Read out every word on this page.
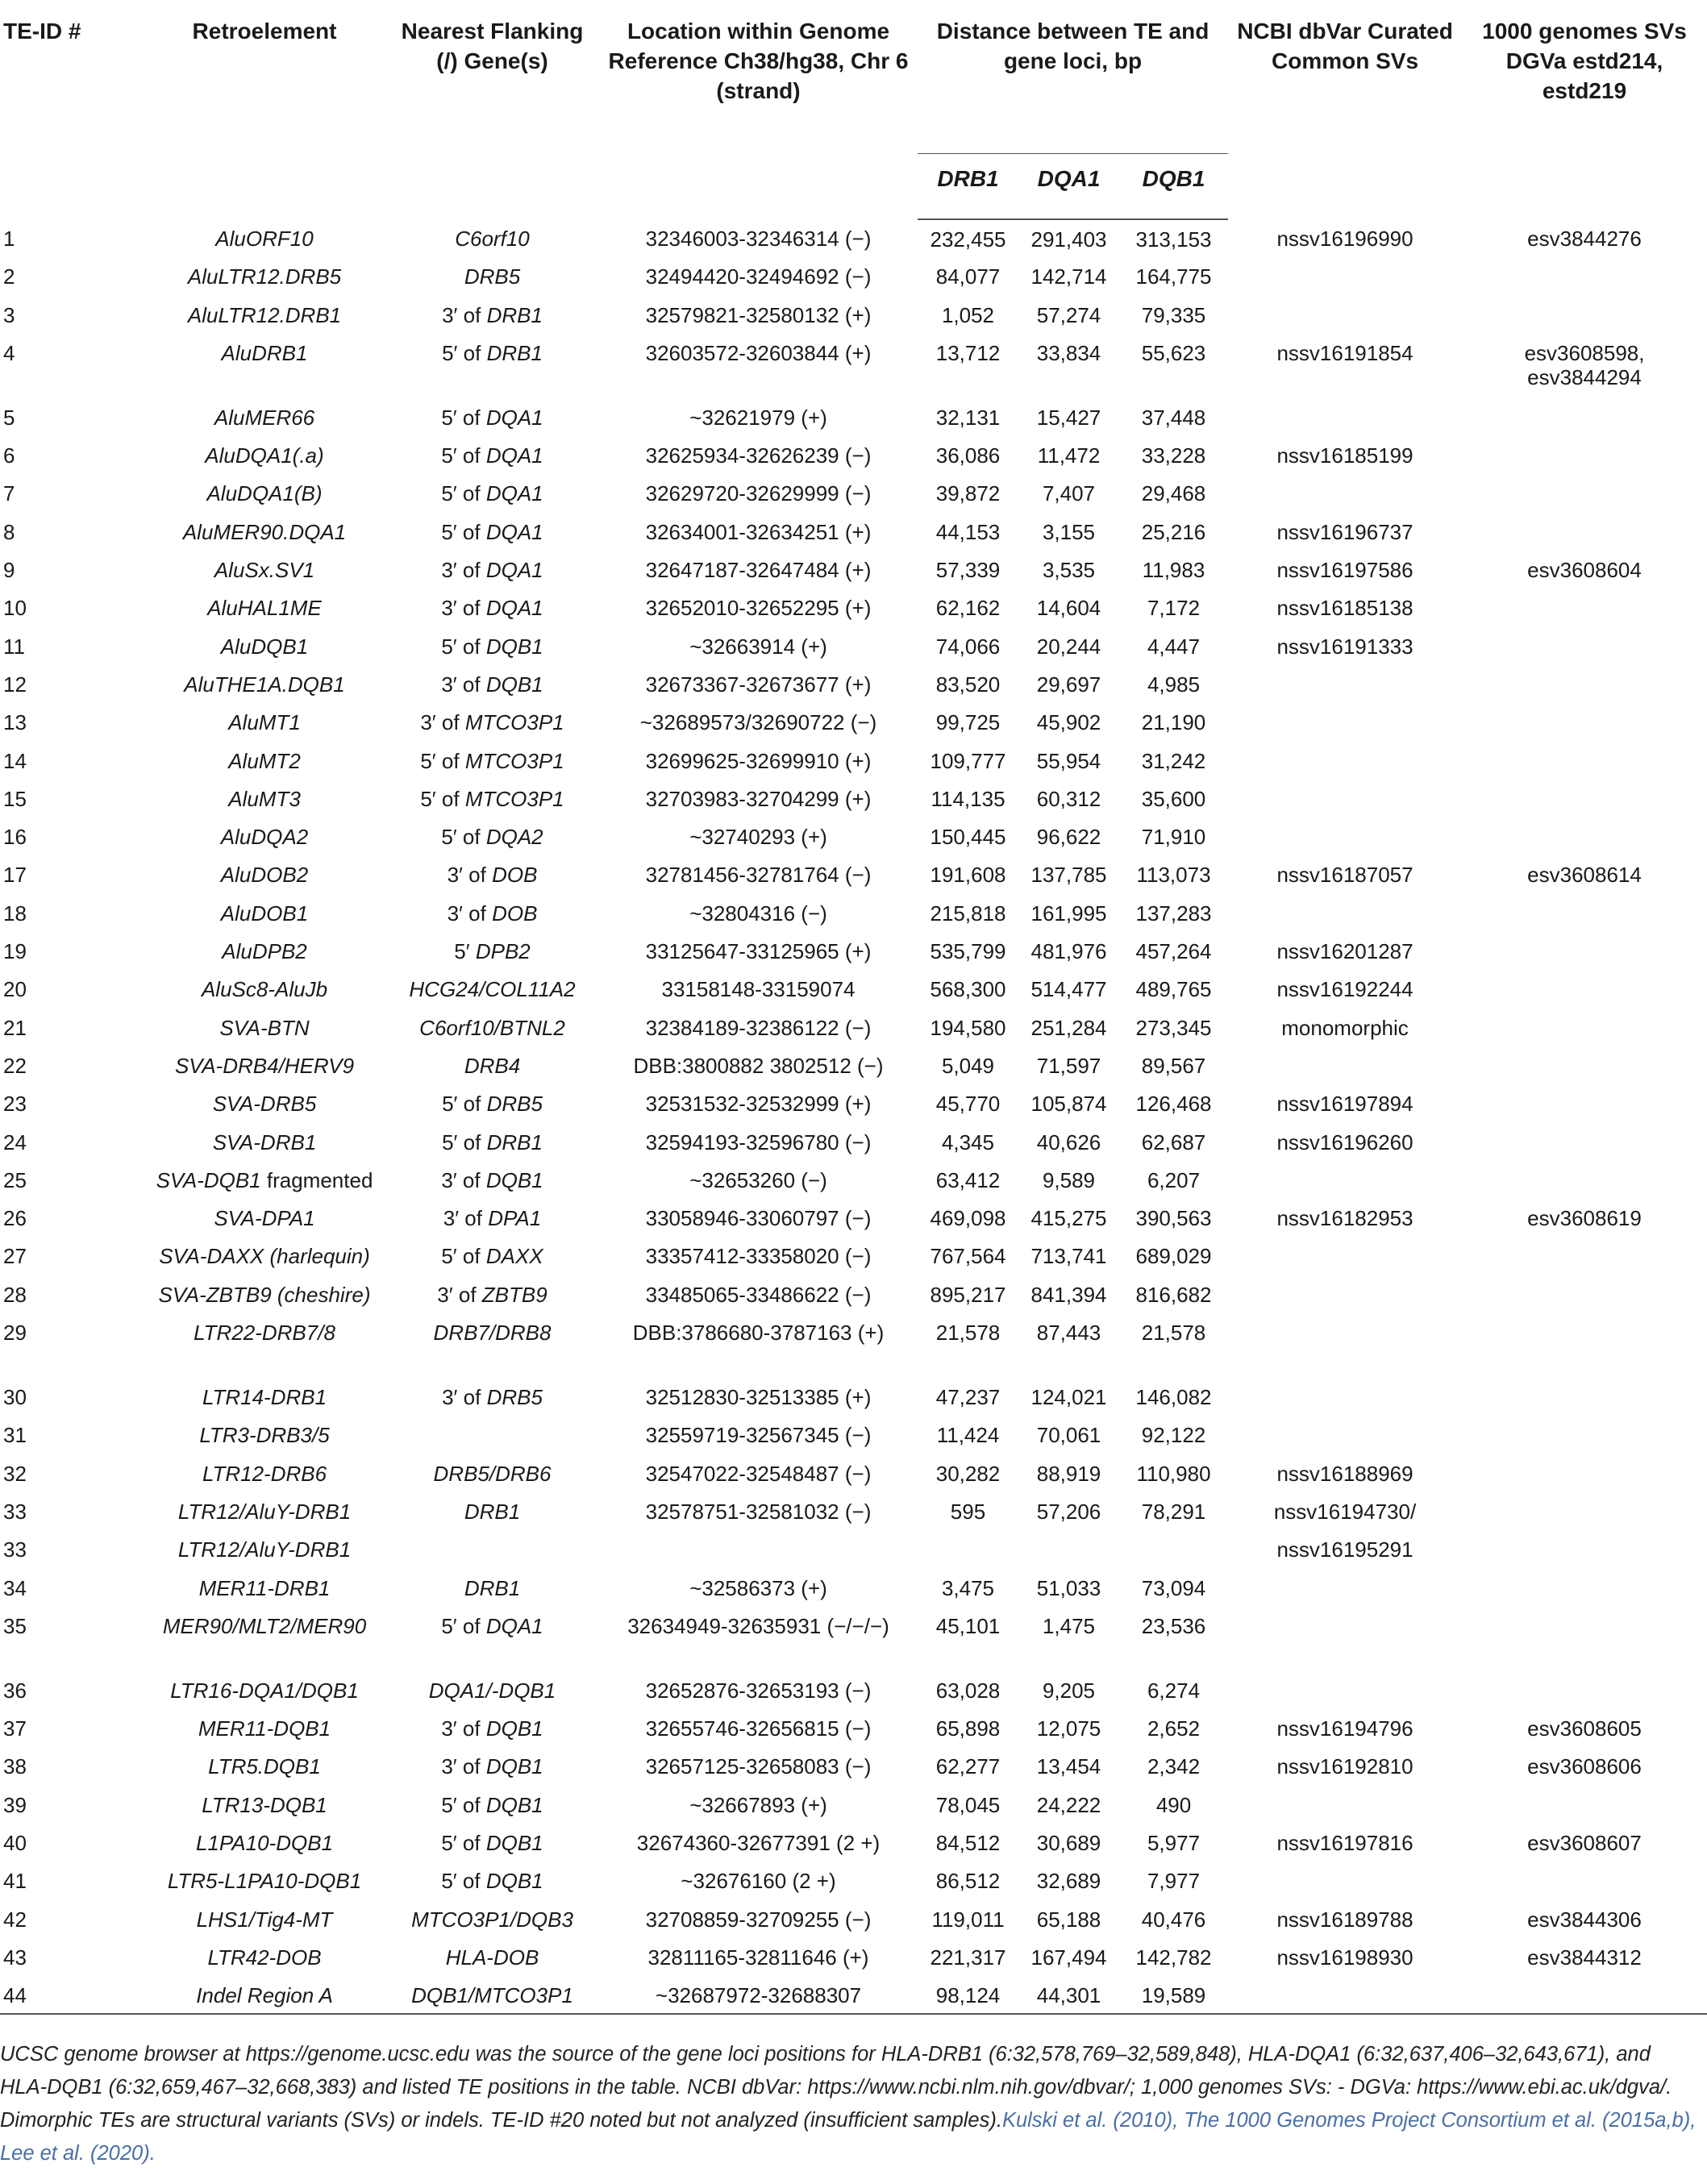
TE-ID #	Retroelement	Nearest Flanking (/) Gene(s)	Location within Genome Reference Ch38/hg38, Chr 6 (strand)	Distance between TE and gene loci, bp			NCBI dbVar Curated Common SVs	1000 genomes SVs DGVa estd214, estd219
				DRB1	DQA1	DQB1		
1	AluORF10	C6orf10	32346003-32346314 (−)	232,455	291,403	313,153	nssv16196990	esv3844276
2	AluLTR12.DRB5	DRB5	32494420-32494692 (−)	84,077	142,714	164,775		
3	AluLTR12.DRB1	3′ of DRB1	32579821-32580132 (+)	1,052	57,274	79,335		
4	AluDRB1	5′ of DRB1	32603572-32603844 (+)	13,712	33,834	55,623	nssv16191854	esv3608598, esv3844294
5	AluMER66	5′ of DQA1	~32621979 (+)	32,131	15,427	37,448		
6	AluDQA1(.a)	5′ of DQA1	32625934-32626239 (−)	36,086	11,472	33,228	nssv16185199	
7	AluDQA1(B)	5′ of DQA1	32629720-32629999 (−)	39,872	7,407	29,468		
8	AluMER90.DQA1	5′ of DQA1	32634001-32634251 (+)	44,153	3,155	25,216	nssv16196737	
9	AluSx.SV1	3′ of DQA1	32647187-32647484 (+)	57,339	3,535	11,983	nssv16197586	esv3608604
10	AluHAL1ME	3′ of DQA1	32652010-32652295 (+)	62,162	14,604	7,172	nssv16185138	
11	AluDQB1	5′ of DQB1	~32663914 (+)	74,066	20,244	4,447	nssv16191333	
12	AluTHE1A.DQB1	3′ of DQB1	32673367-32673677 (+)	83,520	29,697	4,985		
13	AluMT1	3′ of MTCO3P1	~32689573/32690722 (−)	99,725	45,902	21,190		
14	AluMT2	5′ of MTCO3P1	32699625-32699910 (+)	109,777	55,954	31,242		
15	AluMT3	5′ of MTCO3P1	32703983-32704299 (+)	114,135	60,312	35,600		
16	AluDQA2	5′ of DQA2	~32740293 (+)	150,445	96,622	71,910		
17	AluDOB2	3′ of DOB	32781456-32781764 (−)	191,608	137,785	113,073	nssv16187057	esv3608614
18	AluDOB1	3′ of DOB	~32804316 (−)	215,818	161,995	137,283		
19	AluDPB2	5′ DPB2	33125647-33125965 (+)	535,799	481,976	457,264	nssv16201287	
20	AluSc8-AluJb	HCG24/COL11A2	33158148-33159074	568,300	514,477	489,765	nssv16192244	
21	SVA-BTN	C6orf10/BTNL2	32384189-32386122 (−)	194,580	251,284	273,345	monomorphic	
22	SVA-DRB4/HERV9	DRB4	DBB:3800882 3802512 (−)	5,049	71,597	89,567		
23	SVA-DRB5	5′ of DRB5	32531532-32532999 (+)	45,770	105,874	126,468	nssv16197894	
24	SVA-DRB1	5′ of DRB1	32594193-32596780 (−)	4,345	40,626	62,687	nssv16196260	
25	SVA-DQB1 fragmented	3′ of DQB1	~32653260 (−)	63,412	9,589	6,207		
26	SVA-DPA1	3′ of DPA1	33058946-33060797 (−)	469,098	415,275	390,563	nssv16182953	esv3608619
27	SVA-DAXX (harlequin)	5′ of DAXX	33357412-33358020 (−)	767,564	713,741	689,029		
28	SVA-ZBTB9 (cheshire)	3′ of ZBTB9	33485065-33486622 (−)	895,217	841,394	816,682		
29	LTR22-DRB7/8	DRB7/DRB8	DBB:3786680-3787163 (+)	21,578	87,443	21,578		
30	LTR14-DRB1	3′ of DRB5	32512830-32513385 (+)	47,237	124,021	146,082		
31	LTR3-DRB3/5		32559719-32567345 (−)	11,424	70,061	92,122		
32	LTR12-DRB6	DRB5/DRB6	32547022-32548487 (−)	30,282	88,919	110,980	nssv16188969	
33	LTR12/AluY-DRB1	DRB1	32578751-32581032 (−)	595	57,206	78,291	nssv16194730/	
33	LTR12/AluY-DRB1						nssv16195291	
34	MER11-DRB1	DRB1	~32586373 (+)	3,475	51,033	73,094		
35	MER90/MLT2/MER90	5′ of DQA1	32634949-32635931 (−/−/−)	45,101	1,475	23,536		
36	LTR16-DQA1/DQB1	DQA1/-DQB1	32652876-32653193 (−)	63,028	9,205	6,274		
37	MER11-DQB1	3′ of DQB1	32655746-32656815 (−)	65,898	12,075	2,652	nssv16194796	esv3608605
38	LTR5.DQB1	3′ of DQB1	32657125-32658083 (−)	62,277	13,454	2,342	nssv16192810	esv3608606
39	LTR13-DQB1	5′ of DQB1	~32667893 (+)	78,045	24,222	490		
40	L1PA10-DQB1	5′ of DQB1	32674360-32677391 (2 +)	84,512	30,689	5,977	nssv16197816	esv3608607
41	LTR5-L1PA10-DQB1	5′ of DQB1	~32676160 (2 +)	86,512	32,689	7,977		
42	LHS1/Tig4-MT	MTCO3P1/DQB3	32708859-32709255 (−)	119,011	65,188	40,476	nssv16189788	esv3844306
43	LTR42-DOB	HLA-DOB	32811165-32811646 (+)	221,317	167,494	142,782	nssv16198930	esv3844312
44	Indel Region A	DQB1/MTCO3P1	~32687972-32688307	98,124	44,301	19,589		
UCSC genome browser at https://genome.ucsc.edu was the source of the gene loci positions for HLA-DRB1 (6:32,578,769–32,589,848), HLA-DQA1 (6:32,637,406–32,643,671), and HLA-DQB1 (6:32,659,467–32,668,383) and listed TE positions in the table. NCBI dbVar: https://www.ncbi.nlm.nih.gov/dbvar/; 1,000 genomes SVs: - DGVa: https://www.ebi.ac.uk/dgva/. Dimorphic TEs are structural variants (SVs) or indels. TE-ID #20 noted but not analyzed (insufficient samples).Kulski et al. (2010), The 1000 Genomes Project Consortium et al. (2015a,b), Lee et al. (2020).
